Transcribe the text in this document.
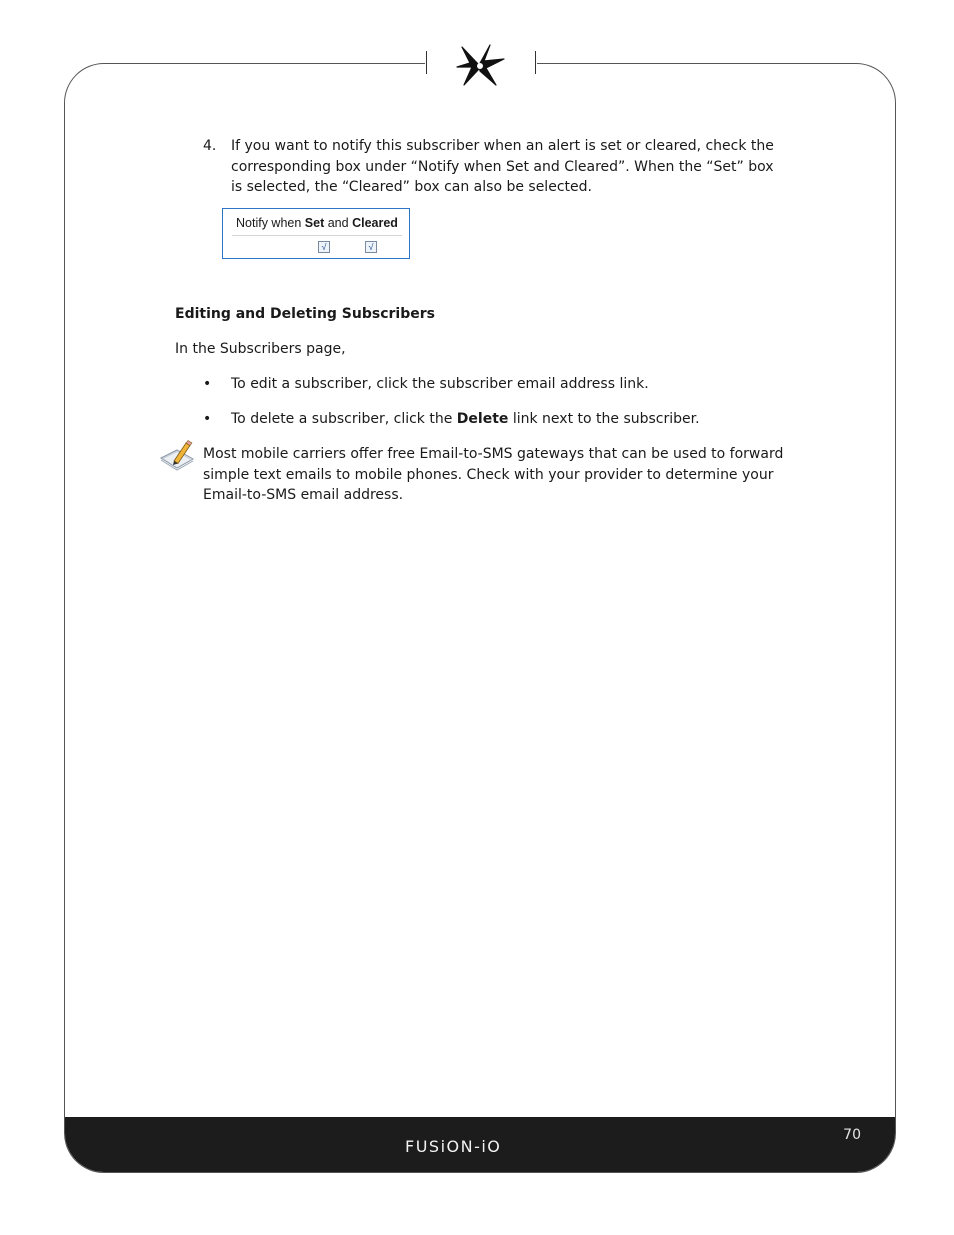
FUSiON-iO
70
4. If you want to notify this subscriber when an alert is set or cleared, check the corresponding box under “Notify when Set and Cleared”. When the “Set” box is selected, the “Cleared” box can also be selected.
Notify when Set and Cleared
√	√
Editing and Deleting Subscribers
In the Subscribers page,
• To edit a subscriber, click the subscriber email address link.
• To delete a subscriber, click the Delete link next to the subscriber.
Most mobile carriers offer free Email-to-SMS gateways that can be used to forward simple text emails to mobile phones. Check with your provider to determine your Email-to-SMS email address.
